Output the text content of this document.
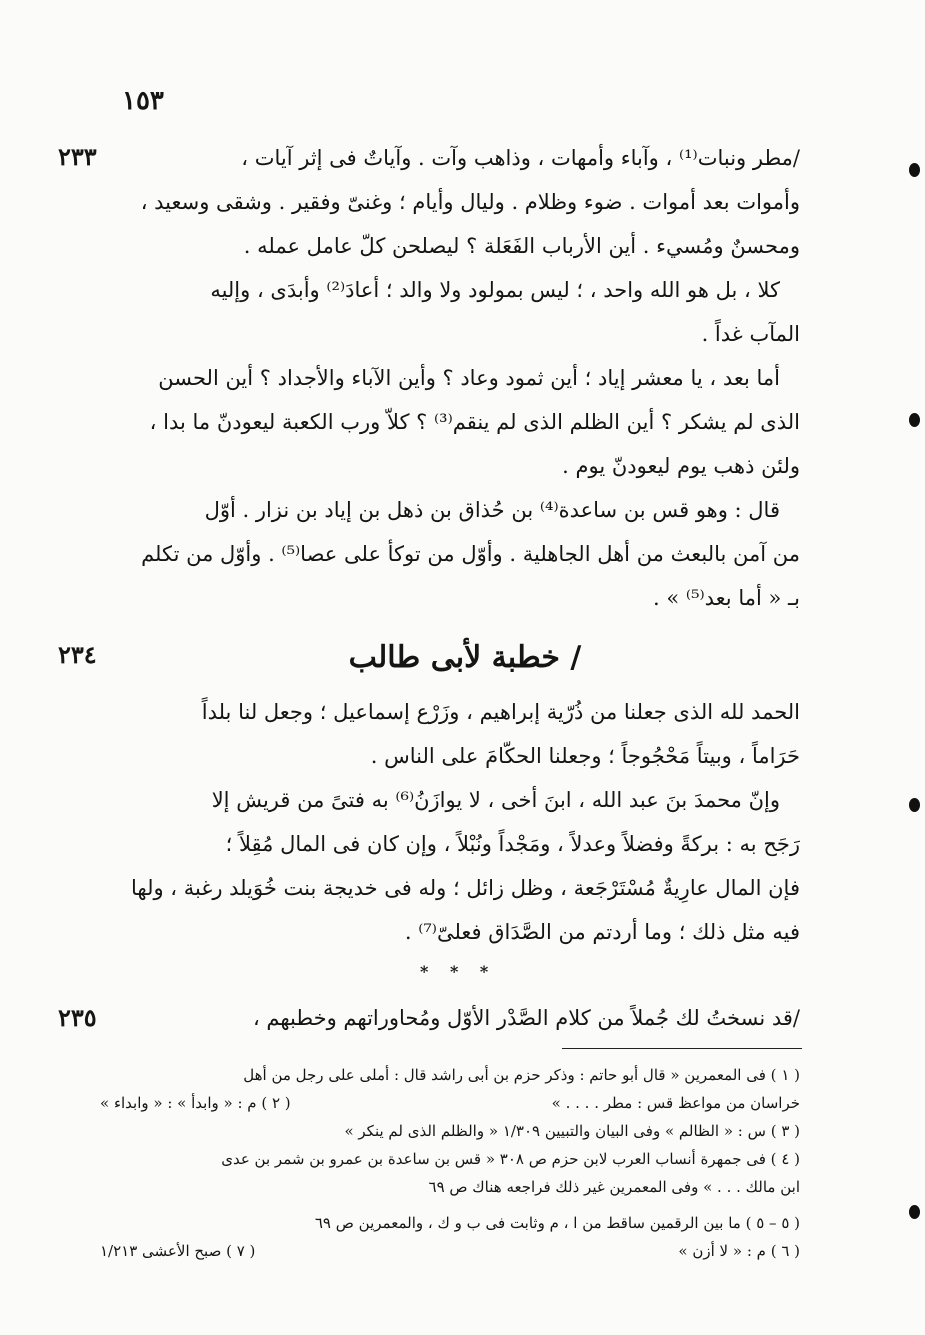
١٥٣
٢٣٣
٢٣٤
٢٣٥
/مطر ونبات⁽¹⁾ ، وآباء وأمهات ، وذاهب وآت . وآياتٌ فى إثر آيات ،
وأموات بعد أموات . ضوء وظلام . وليال وأيام ؛ وغنىّ وفقير . وشقى وسعيد ،
ومحسنٌ ومُسيء . أين الأرباب الفَعَلة ؟ ليصلحن كلّ عامل عمله .
كلا ، بل هو الله واحد ، ؛ ليس بمولود ولا والد ؛ أعادَ⁽²⁾ وأبدَى ، وإليه
المآب غداً .
أما بعد ، يا معشر إياد ؛ أين ثمود وعاد ؟ وأين الآباء والأجداد ؟ أين الحسن
الذى لم يشكر ؟ أين الظلم الذى لم ينقم⁽³⁾ ؟ كلاّ ورب الكعبة ليعودنّ ما بدا ،
ولئن ذهب يوم ليعودنّ يوم .
قال : وهو قس بن ساعدة⁽⁴⁾ بن حُذاق بن ذهل بن إياد بن نزار . أوّل
من آمن بالبعث من أهل الجاهلية . وأوّل من توكأ على عصا⁽⁵⁾ . وأوّل من تكلم
بـ « أما بعد⁽⁵⁾ » .
/ خطبة لأبى طالب
الحمد لله الذى جعلنا من ذُرّية إبراهيم ، وزَرْع إسماعيل ؛ وجعل لنا بلداً
حَرَاماً ، وبيتاً مَحْجُوجاً ؛ وجعلنا الحكّامَ على الناس .
وإنّ محمدَ بنَ عبد الله ، ابنَ أخى ، لا يوازَنُ⁽⁶⁾ به فتىً من قريش إلا
رَجَح به : بركةً وفضلاً وعدلاً ، ومَجْداً ونُبْلاً ، وإن كان فى المال مُقِلاً ؛
فإن المال عارِيةٌ مُسْتَرْجَعة ، وظل زائل ؛ وله فى خديجة بنت خُوَيلد رغبة ، ولها
فيه مثل ذلك ؛ وما أردتم من الصَّدَاق فعلىّ⁽⁷⁾ .
* * *
/قد نسختُ لك جُملاً من كلام الصَّدْر الأوّل ومُحاوراتهم وخطبهم ،
( ١ ) فى المعمرين « قال أبو حاتم : وذكر حزم بن أبى راشد قال : أملى على رجل من أهل
خراسان من مواعظ قس : مطر . . . . »
( ٢ ) م : « وابدأ » : « وابداء »
( ٣ ) س : « الظالم » وفى البيان والتبيين ١/٣٠٩ « والظلم الذى لم ينكر »
( ٤ ) فى جمهرة أنساب العرب لابن حزم ص ٣٠٨ « قس بن ساعدة بن عمرو بن شمر بن عدى
ابن مالك . . . » وفى المعمرين غير ذلك فراجعه هناك ص ٦٩
( ٥ – ٥ ) ما بين الرقمين ساقط من ا ، م وثابت فى ب و ك ، والمعمرين ص ٦٩
( ٦ ) م : « لا أزن »
( ٧ ) صبح الأعشى ١/٢١٣
